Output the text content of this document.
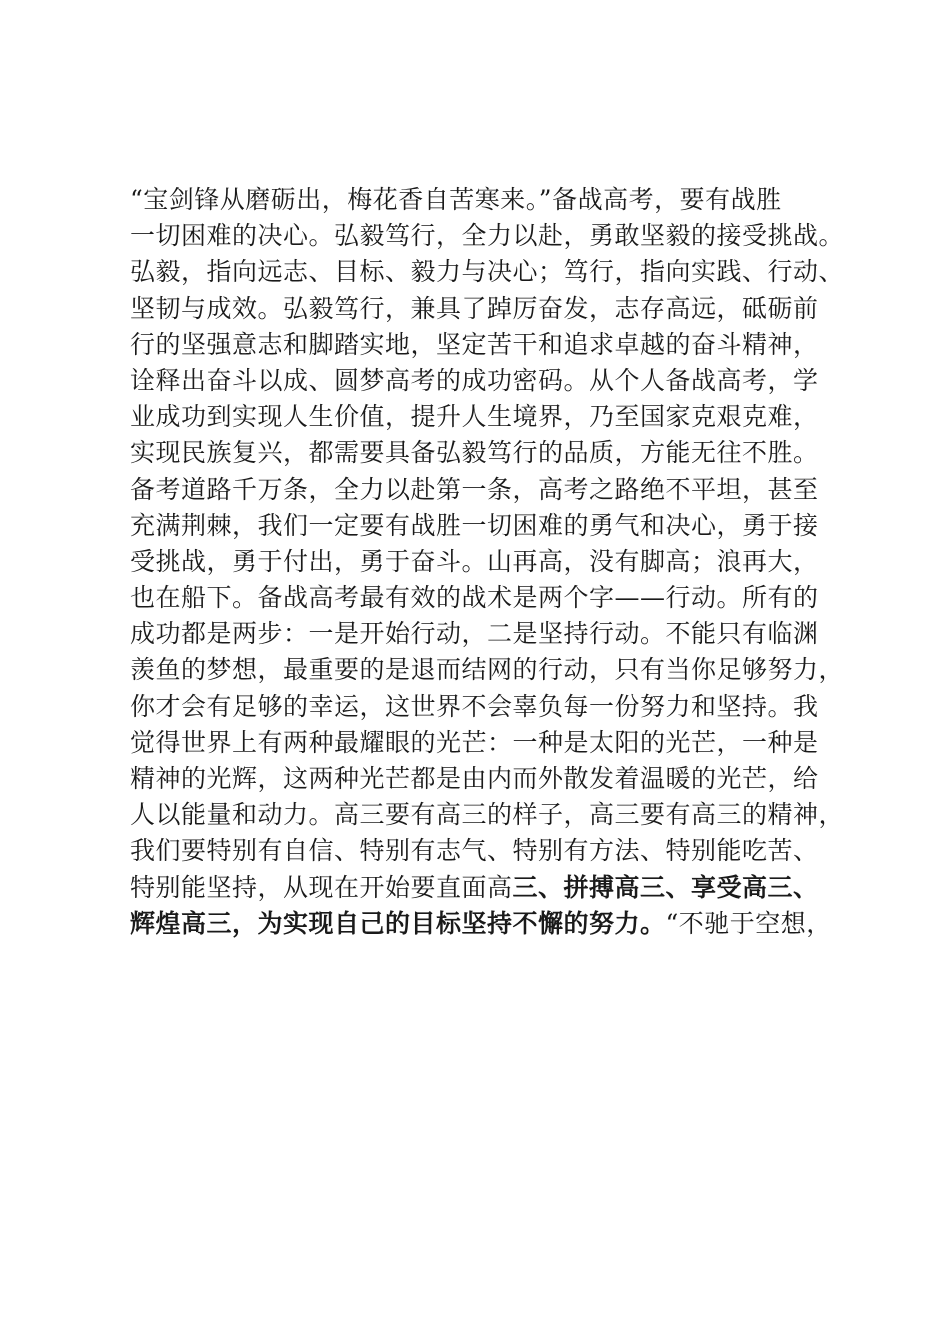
“宝剑锋从磨砺出，梅花香自苦寒来。”备战高考，要有战胜
一切困难的决心。弘毅笃行，全力以赴，勇敢坚毅的接受挑战。
弘毅，指向远志、目标、毅力与决心；笃行，指向实践、行动、
坚韧与成效。弘毅笃行，兼具了踔厉奋发，志存高远，砥砺前
行的坚强意志和脚踏实地，坚定苦干和追求卓越的奋斗精神，
诠释出奋斗以成、圆梦高考的成功密码。从个人备战高考，学
业成功到实现人生价值，提升人生境界，乃至国家克艰克难，
实现民族复兴，都需要具备弘毅笃行的品质，方能无往不胜。
备考道路千万条，全力以赴第一条，高考之路绝不平坦，甚至
充满荆棘，我们一定要有战胜一切困难的勇气和决心，勇于接
受挑战，勇于付出，勇于奋斗。山再高，没有脚高；浪再大，
也在船下。备战高考最有效的战术是两个字——行动。所有的
成功都是两步：一是开始行动，二是坚持行动。不能只有临渊
羡鱼的梦想，最重要的是退而结网的行动，只有当你足够努力，
你才会有足够的幸运，这世界不会辜负每一份努力和坚持。我
觉得世界上有两种最耀眼的光芒：一种是太阳的光芒，一种是
精神的光辉，这两种光芒都是由内而外散发着温暖的光芒，给
人以能量和动力。高三要有高三的样子，高三要有高三的精神，
我们要特别有自信、特别有志气、特别有方法、特别能吃苦、
特别能坚持，从现在开始要直面高三、拼搏高三、享受高三、
辉煌高三，为实现自己的目标坚持不懈的努力。“不驰于空想，
